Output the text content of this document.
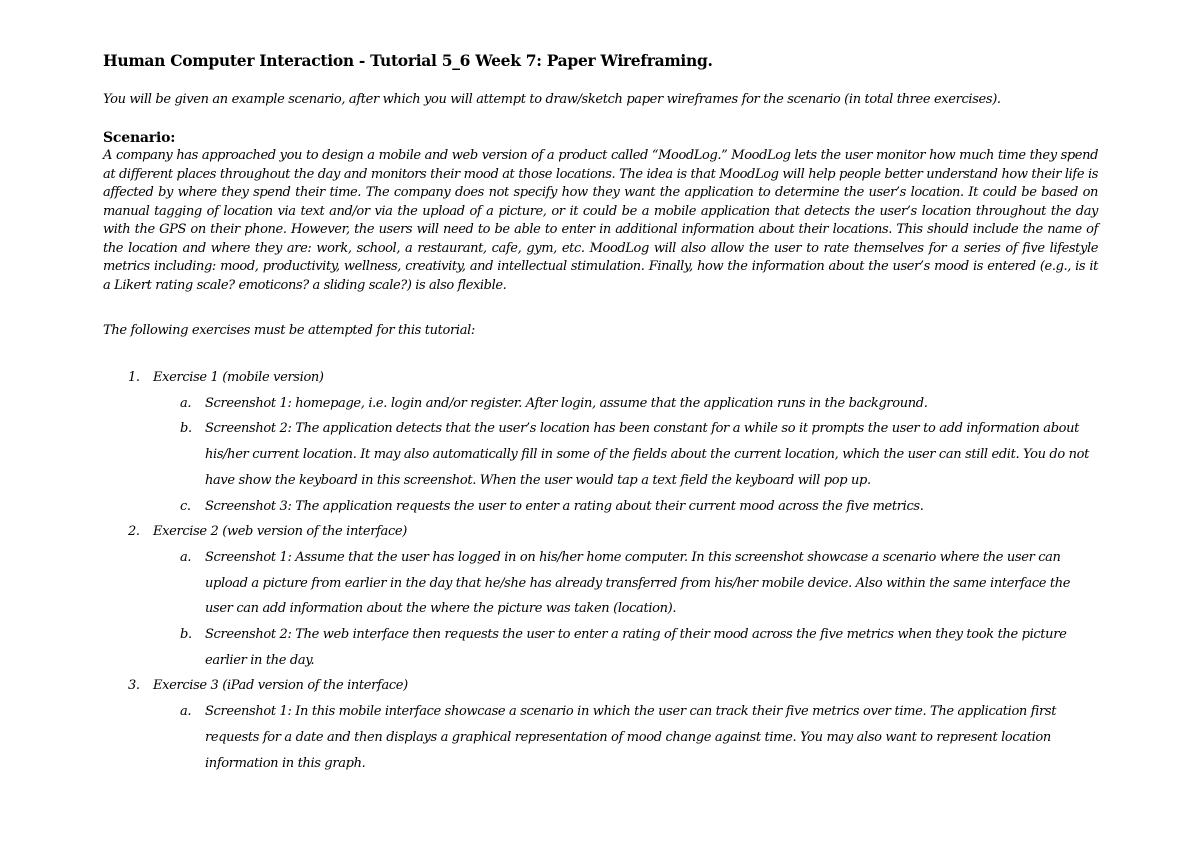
Human Computer Interaction - Tutorial 5_6 Week 7: Paper Wireframing.
You will be given an example scenario, after which you will attempt to draw/sketch paper wireframes for the scenario (in total three exercises).
Scenario:
A company has approached you to design a mobile and web version of a product called “MoodLog.” MoodLog lets the user monitor how much time they spend at different places throughout the day and monitors their mood at those locations. The idea is that MoodLog will help people better understand how their life is affected by where they spend their time. The company does not specify how they want the application to determine the user’s location. It could be based on manual tagging of location via text and/or via the upload of a picture, or it could be a mobile application that detects the user’s location throughout the day with the GPS on their phone. However, the users will need to be able to enter in additional information about their locations. This should include the name of the location and where they are: work, school, a restaurant, cafe, gym, etc. MoodLog will also allow the user to rate themselves for a series of five lifestyle metrics including: mood, productivity, wellness, creativity, and intellectual stimulation. Finally, how the information about the user’s mood is entered (e.g., is it a Likert rating scale? emoticons? a sliding scale?) is also flexible.
The following exercises must be attempted for this tutorial:
1. Exercise 1 (mobile version)
a. Screenshot 1: homepage, i.e. login and/or register. After login, assume that the application runs in the background.
b. Screenshot 2: The application detects that the user’s location has been constant for a while so it prompts the user to add information about his/her current location. It may also automatically fill in some of the fields about the current location, which the user can still edit. You do not have show the keyboard in this screenshot. When the user would tap a text field the keyboard will pop up.
c. Screenshot 3: The application requests the user to enter a rating about their current mood across the five metrics.
2. Exercise 2 (web version of the interface)
a. Screenshot 1: Assume that the user has logged in on his/her home computer. In this screenshot showcase a scenario where the user can upload a picture from earlier in the day that he/she has already transferred from his/her mobile device. Also within the same interface the user can add information about the where the picture was taken (location).
b. Screenshot 2: The web interface then requests the user to enter a rating of their mood across the five metrics when they took the picture earlier in the day.
3. Exercise 3 (iPad version of the interface)
a. Screenshot 1: In this mobile interface showcase a scenario in which the user can track their five metrics over time. The application first requests for a date and then displays a graphical representation of mood change against time. You may also want to represent location information in this graph.
